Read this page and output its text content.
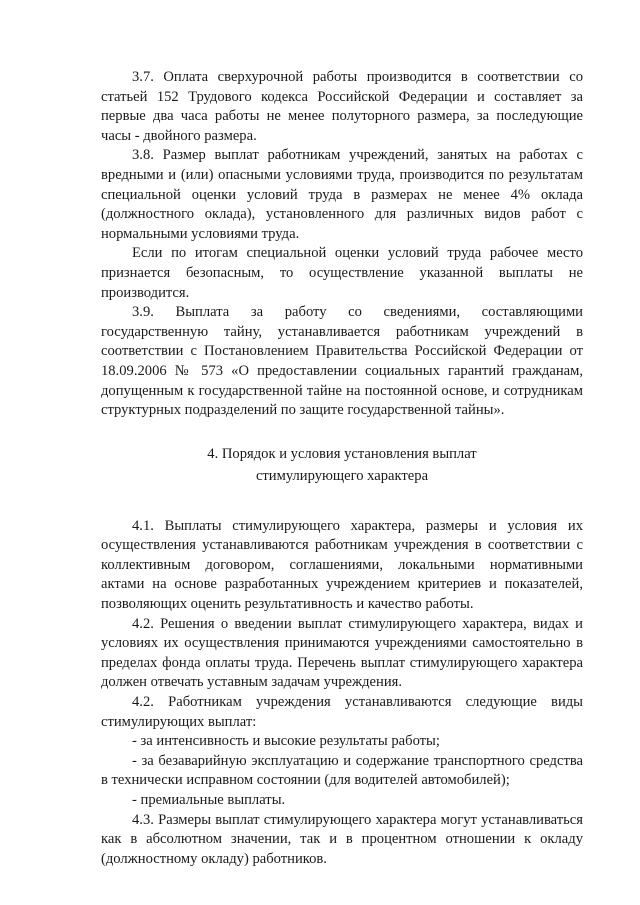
3.7. Оплата сверхурочной работы производится в соответствии со статьей 152 Трудового кодекса Российской Федерации и составляет за первые два часа работы не менее полуторного размера, за последующие часы - двойного размера.

3.8. Размер выплат работникам учреждений, занятых на работах с вредными и (или) опасными условиями труда, производится по результатам специальной оценки условий труда в размерах не менее 4% оклада (должностного оклада), установленного для различных видов работ с нормальными условиями труда.

Если по итогам специальной оценки условий труда рабочее место признается безопасным, то осуществление указанной выплаты не производится.

3.9. Выплата за работу со сведениями, составляющими государственную тайну, устанавливается работникам учреждений в соответствии с Постановлением Правительства Российской Федерации от 18.09.2006 № 573 «О предоставлении социальных гарантий гражданам, допущенным к государственной тайне на постоянной основе, и сотрудникам структурных подразделений по защите государственной тайны».

4. Порядок и условия установления выплат
стимулирующего характера

4.1. Выплаты стимулирующего характера, размеры и условия их осуществления устанавливаются работникам учреждения в соответствии с коллективным договором, соглашениями, локальными нормативными актами на основе разработанных учреждением критериев и показателей, позволяющих оценить результативность и качество работы.

4.2. Решения о введении выплат стимулирующего характера, видах и условиях их осуществления принимаются учреждениями самостоятельно в пределах фонда оплаты труда. Перечень выплат стимулирующего характера должен отвечать уставным задачам учреждения.

4.2. Работникам учреждения устанавливаются следующие виды стимулирующих выплат:

- за интенсивность и высокие результаты работы;

- за безаварийную эксплуатацию и содержание транспортного средства в технически исправном состоянии (для водителей автомобилей);

- премиальные выплаты.

4.3. Размеры выплат стимулирующего характера могут устанавливаться как в абсолютном значении, так и в процентном отношении к окладу (должностному окладу) работников.
